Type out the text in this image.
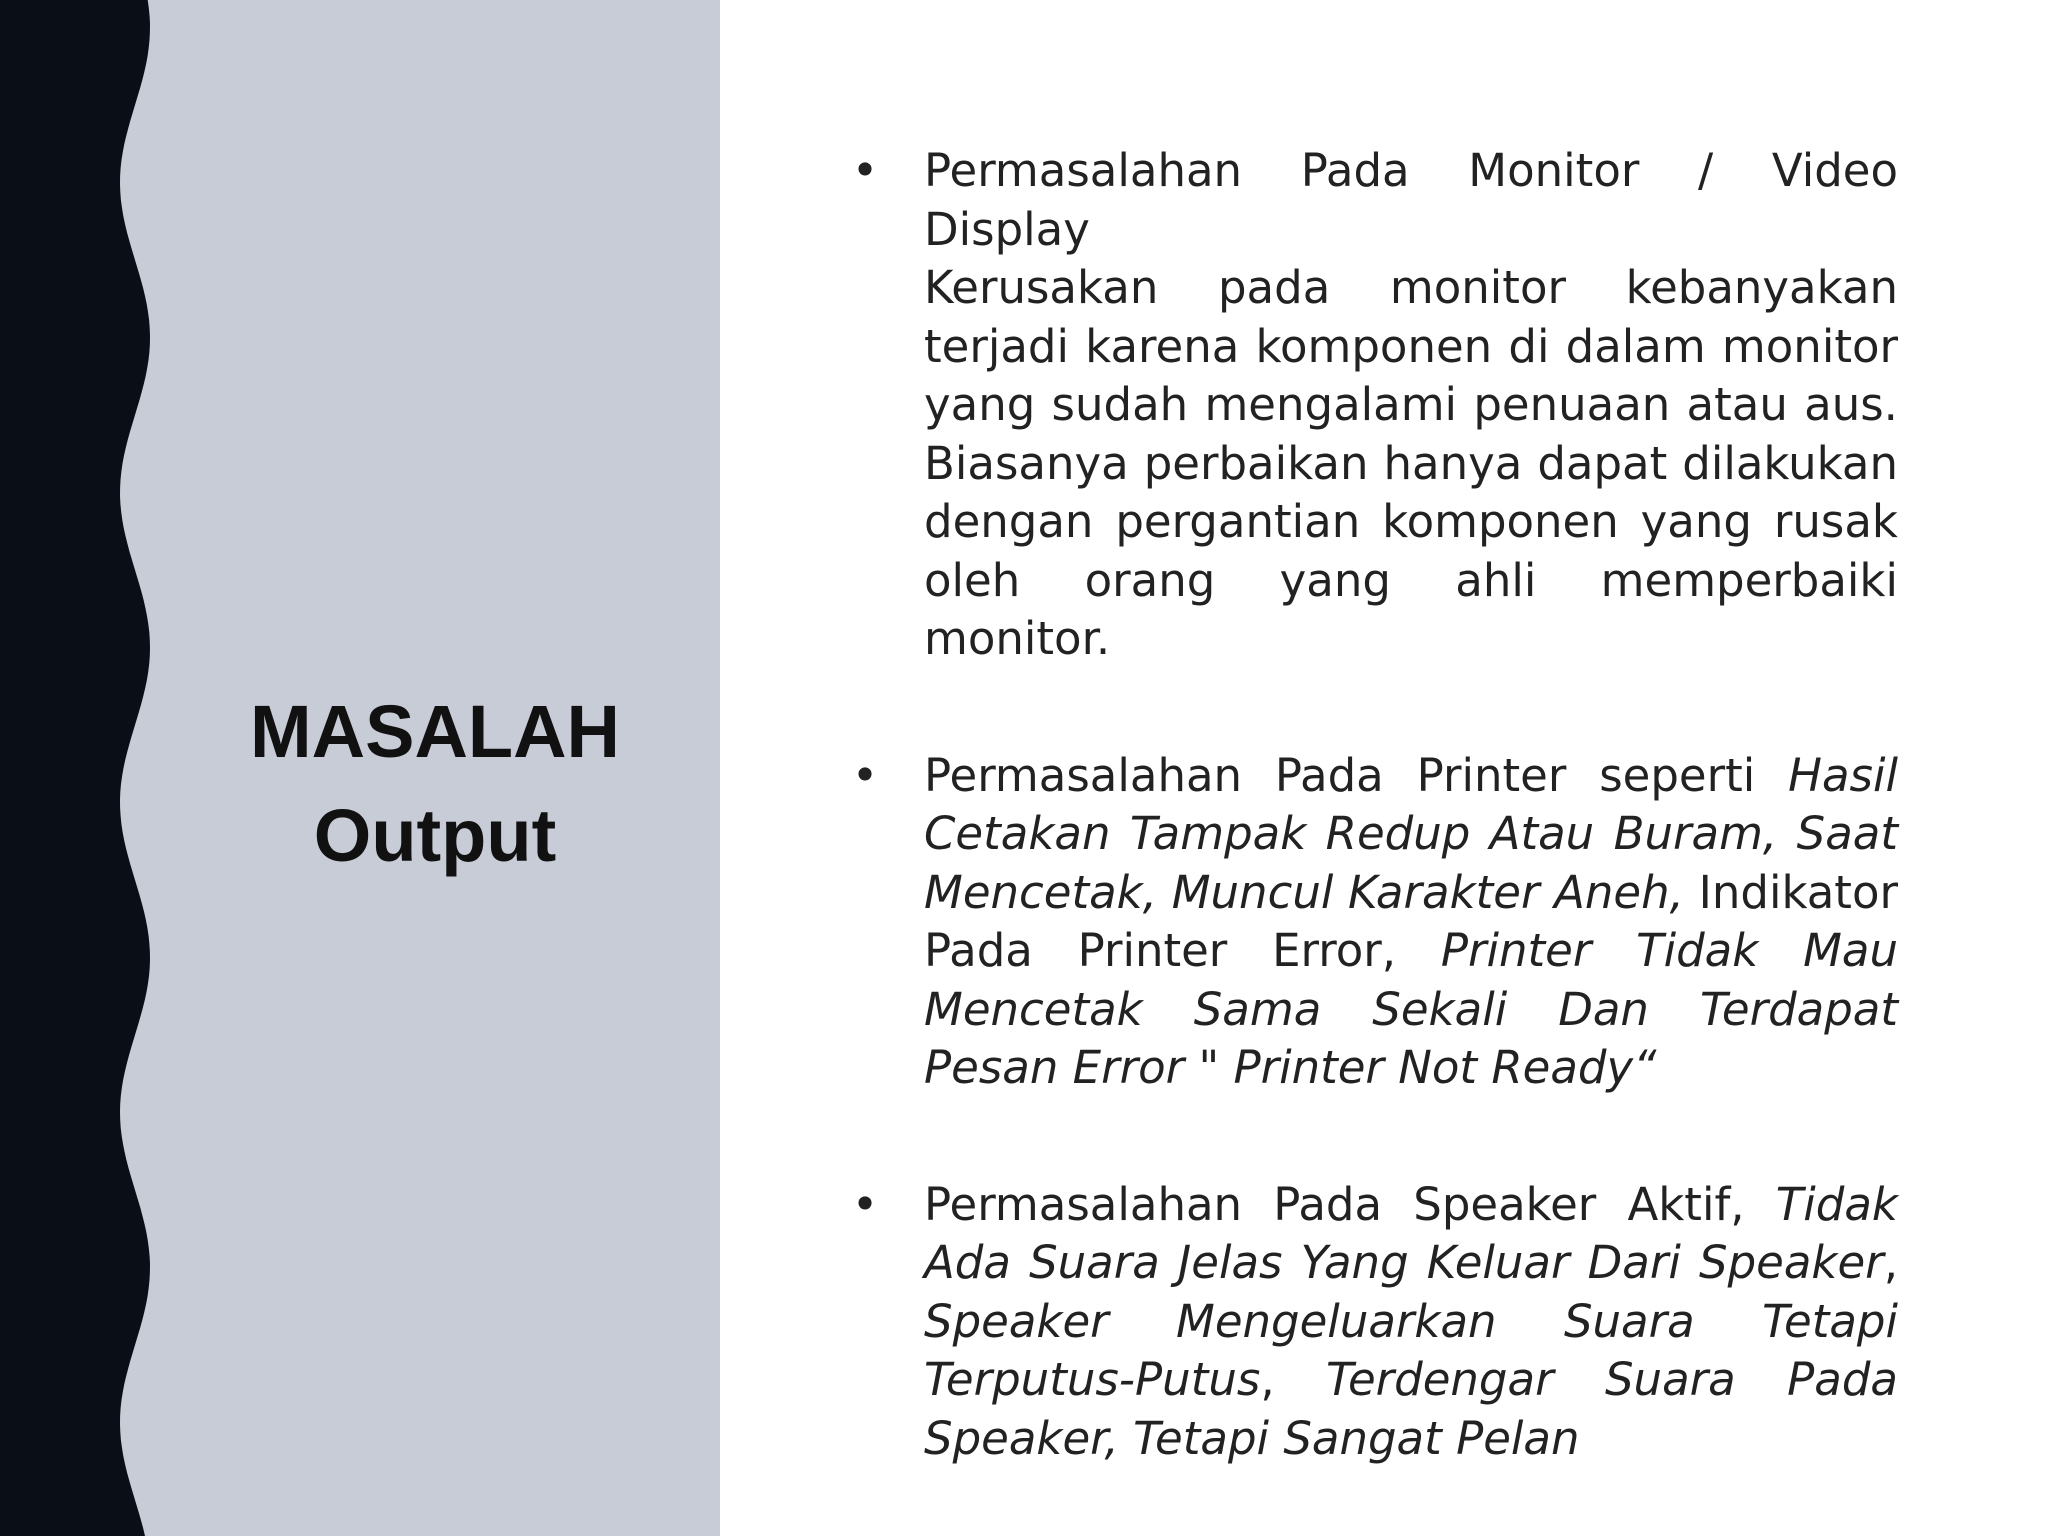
MASALAH
Output
• Permasalahan Pada Monitor / Video Display
Kerusakan pada monitor kebanyakan terjadi karena komponen di dalam monitor yang sudah mengalami penuaan atau aus. Biasanya perbaikan hanya dapat dilakukan dengan pergantian komponen yang rusak oleh orang yang ahli memperbaiki monitor.
• Permasalahan Pada Printer seperti Hasil Cetakan Tampak Redup Atau Buram, Saat Mencetak, Muncul Karakter Aneh, Indikator Pada Printer Error, Printer Tidak Mau Mencetak Sama Sekali Dan Terdapat Pesan Error " Printer Not Ready“
• Permasalahan Pada Speaker Aktif, Tidak Ada Suara Jelas Yang Keluar Dari Speaker, Speaker Mengeluarkan Suara Tetapi Terputus-Putus, Terdengar Suara Pada Speaker, Tetapi Sangat Pelan
